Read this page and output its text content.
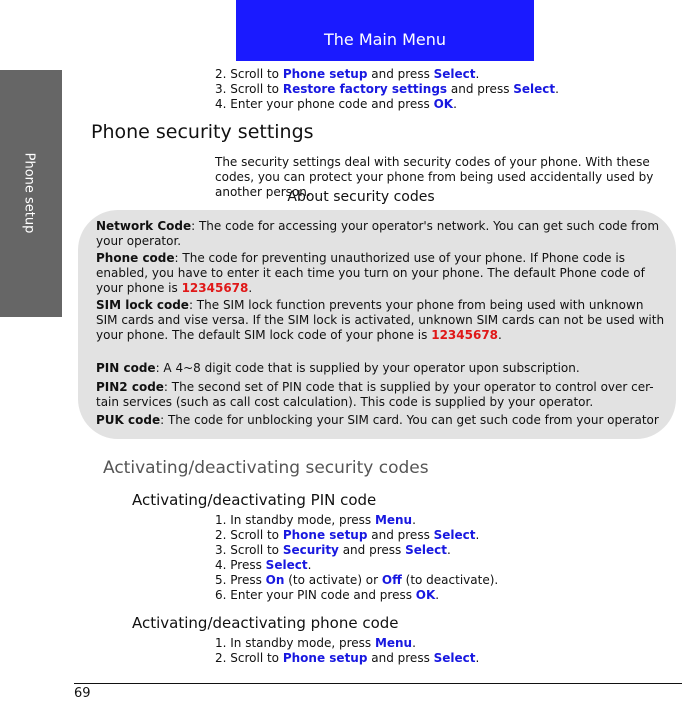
The Main Menu
Phone setup
2. Scroll to Phone setup and press Select.
3. Scroll to Restore factory settings and press Select.
4. Enter your phone code and press OK.
Phone security settings
The security settings deal with security codes of your phone. With these codes, you can protect your phone from being used accidentally used by another person.
About security codes
Network Code: The code for accessing your operator's network. You can get such code from your operator.
Phone code: The code for preventing unauthorized use of your phone. If Phone code is enabled, you have to enter it each time you turn on your phone. The default Phone code of your phone is 12345678.
SIM lock code: The SIM lock function prevents your phone from being used with unknown SIM cards and vise versa. If the SIM lock is activated, unknown SIM cards can not be used with your phone. The default SIM lock code of your phone is 12345678.
PIN code: A 4~8 digit code that is supplied by your operator upon subscription.
PIN2 code: The second set of PIN code that is supplied by your operator to control over cer-tain services (such as call cost calculation). This code is supplied by your operator.
PUK code: The code for unblocking your SIM card. You can get such code from your operator
Activating/deactivating security codes
Activating/deactivating PIN code
1. In standby mode, press Menu.
2. Scroll to Phone setup and press Select.
3. Scroll to Security and press Select.
4. Press Select.
5. Press On (to activate) or Off (to deactivate).
6. Enter your PIN code and press OK.
Activating/deactivating phone code
1. In standby mode, press Menu.
2. Scroll to Phone setup and press Select.
69
